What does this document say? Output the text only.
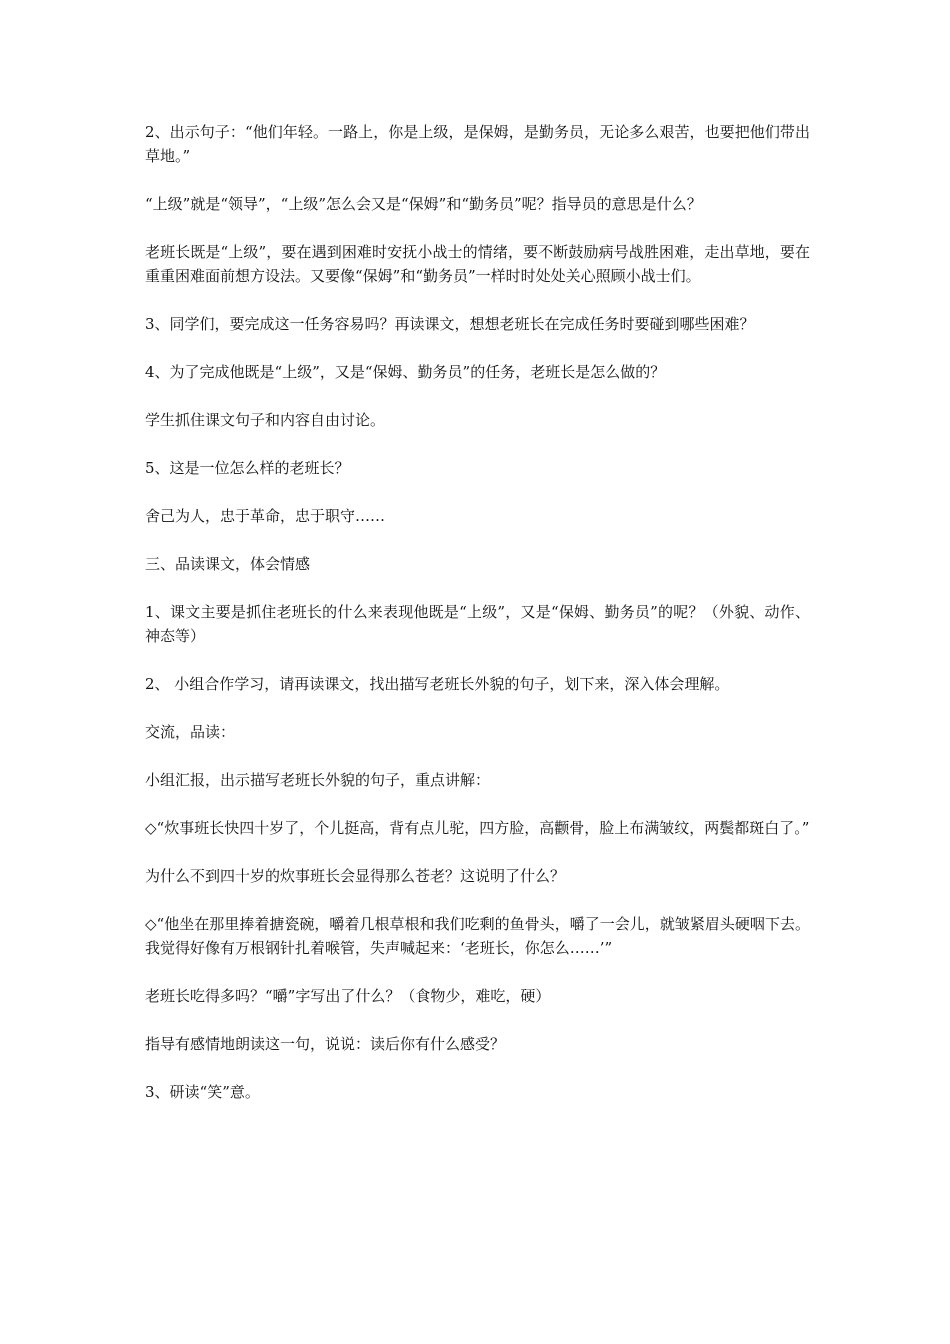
2、出示句子：“他们年轻。一路上，你是上级，是保姆，是勤务员，无论多么艰苦，也要把他们带出草地。”

“上级”就是“领导”，“上级”怎么会又是“保姆”和“勤务员”呢？指导员的意思是什么？

老班长既是“上级”，要在遇到困难时安抚小战士的情绪，要不断鼓励病号战胜困难，走出草地，要在重重困难面前想方设法。又要像“保姆”和“勤务员”一样时时处处关心照顾小战士们。

3、同学们，要完成这一任务容易吗？再读课文，想想老班长在完成任务时要碰到哪些困难？

4、为了完成他既是“上级”，又是“保姆、勤务员”的任务，老班长是怎么做的？

学生抓住课文句子和内容自由讨论。

5、这是一位怎么样的老班长？

舍己为人，忠于革命，忠于职守……

三、品读课文，体会情感

1、课文主要是抓住老班长的什么来表现他既是“上级”，又是“保姆、勤务员”的呢？（外貌、动作、神态等）

2、 小组合作学习，请再读课文，找出描写老班长外貌的句子，划下来，深入体会理解。

交流，品读：

小组汇报，出示描写老班长外貌的句子，重点讲解：

◇“炊事班长快四十岁了，个儿挺高，背有点儿驼，四方脸，高颧骨，脸上布满皱纹，两鬓都斑白了。”

为什么不到四十岁的炊事班长会显得那么苍老？这说明了什么？

◇“他坐在那里捧着搪瓷碗，嚼着几根草根和我们吃剩的鱼骨头，嚼了一会儿，就皱紧眉头硬咽下去。我觉得好像有万根钢针扎着喉管，失声喊起来：‘老班长，你怎么……’”

老班长吃得多吗？“嚼”字写出了什么？（食物少，难吃，硬）

指导有感情地朗读这一句，说说：读后你有什么感受？

3、研读“笑”意。
